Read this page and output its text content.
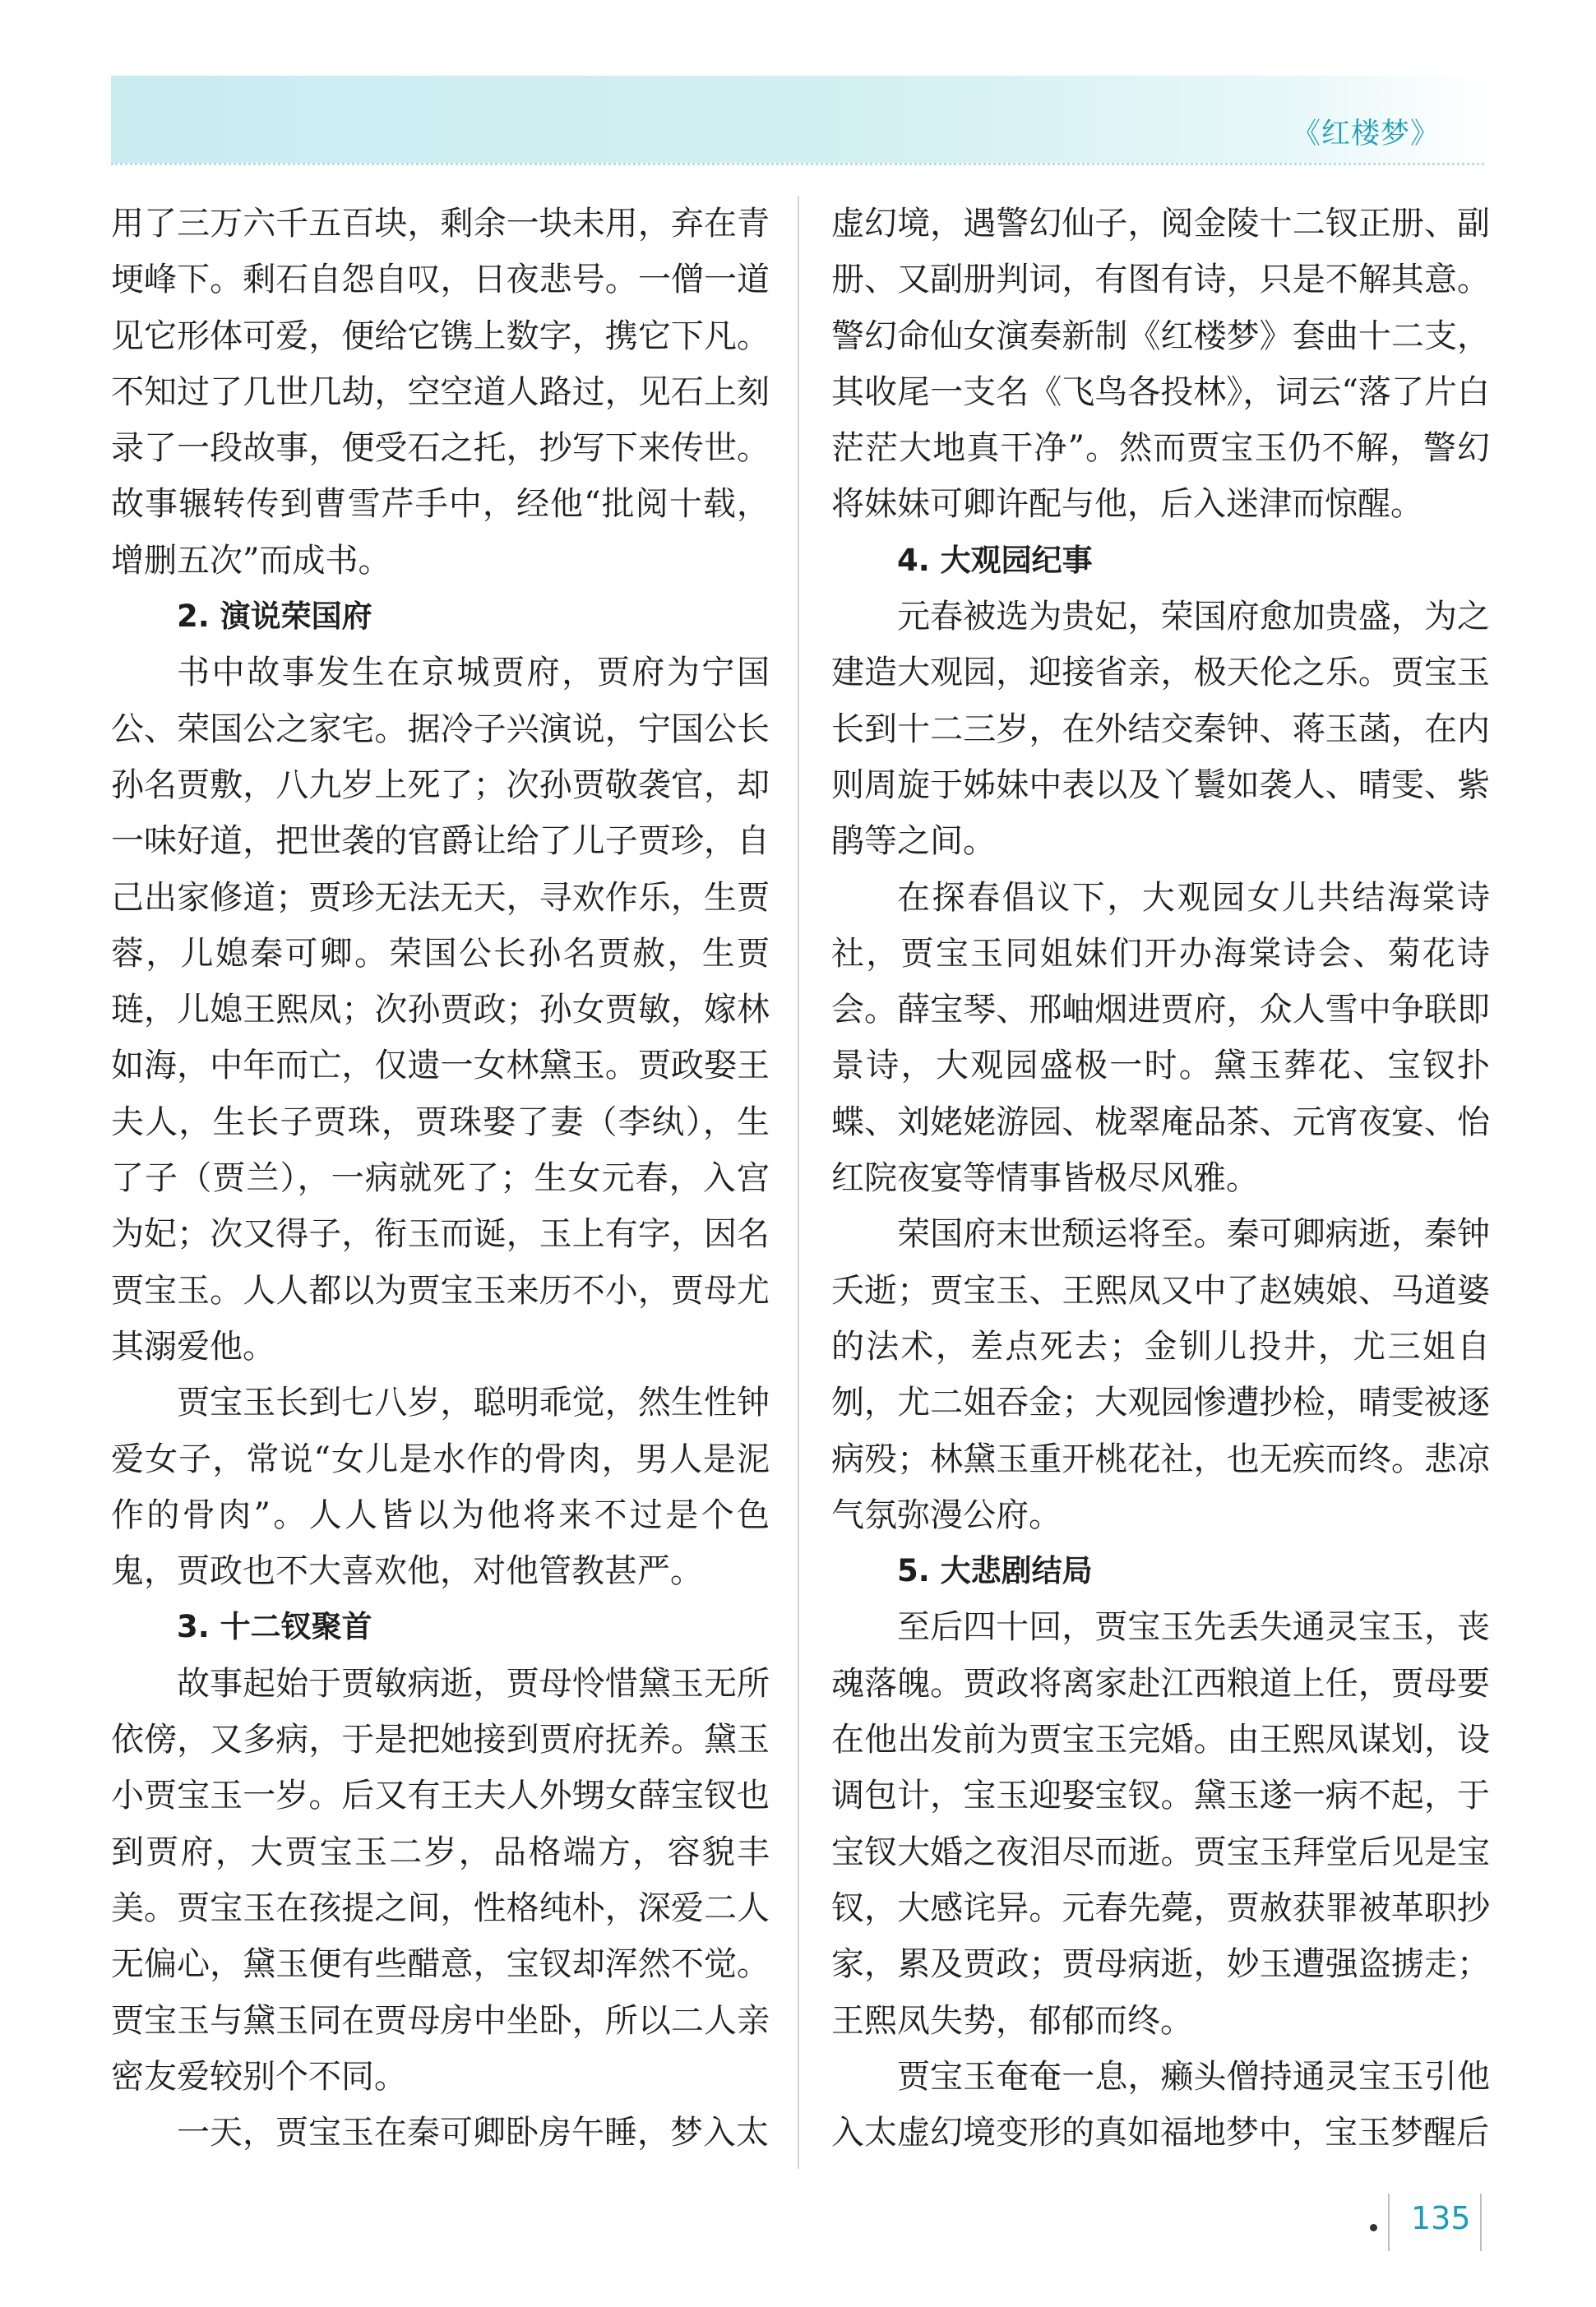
《红楼梦》

用了三万六千五百块，剩余一块未用，弃在青埂峰下。剩石自怨自叹，日夜悲号。一僧一道见它形体可爱，便给它镌上数字，携它下凡。不知过了几世几劫，空空道人路过，见石上刻录了一段故事，便受石之托，抄写下来传世。故事辗转传到曹雪芹手中，经他“批阅十载，增删五次”而成书。

2. 演说荣国府

书中故事发生在京城贾府，贾府为宁国公、荣国公之家宅。据冷子兴演说，宁国公长孙名贾敷，八九岁上死了；次孙贾敬袭官，却一味好道，把世袭的官爵让给了儿子贾珍，自己出家修道；贾珍无法无天，寻欢作乐，生贾蓉，儿媳秦可卿。荣国公长孙名贾赦，生贾琏，儿媳王熙凤；次孙贾政；孙女贾敏，嫁林如海，中年而亡，仅遗一女林黛玉。贾政娶王夫人，生长子贾珠，贾珠娶了妻（李纨），生了子（贾兰），一病就死了；生女元春，入宫为妃；次又得子，衔玉而诞，玉上有字，因名贾宝玉。人人都以为贾宝玉来历不小，贾母尤其溺爱他。

贾宝玉长到七八岁，聪明乖觉，然生性钟爱女子，常说“女儿是水作的骨肉，男人是泥作的骨肉”。人人皆以为他将来不过是个色鬼，贾政也不大喜欢他，对他管教甚严。

3. 十二钗聚首

故事起始于贾敏病逝，贾母怜惜黛玉无所依傍，又多病，于是把她接到贾府抚养。黛玉小贾宝玉一岁。后又有王夫人外甥女薛宝钗也到贾府，大贾宝玉二岁，品格端方，容貌丰美。贾宝玉在孩提之间，性格纯朴，深爱二人无偏心，黛玉便有些醋意，宝钗却浑然不觉。贾宝玉与黛玉同在贾母房中坐卧，所以二人亲密友爱较别个不同。

一天，贾宝玉在秦可卿卧房午睡，梦入太

虚幻境，遇警幻仙子，阅金陵十二钗正册、副册、又副册判词，有图有诗，只是不解其意。警幻命仙女演奏新制《红楼梦》套曲十二支，其收尾一支名《飞鸟各投林》，词云“落了片白茫茫大地真干净”。然而贾宝玉仍不解，警幻将妹妹可卿许配与他，后入迷津而惊醒。

4. 大观园纪事

元春被选为贵妃，荣国府愈加贵盛，为之建造大观园，迎接省亲，极天伦之乐。贾宝玉长到十二三岁，在外结交秦钟、蒋玉菡，在内则周旋于姊妹中表以及丫鬟如袭人、晴雯、紫鹃等之间。

在探春倡议下，大观园女儿共结海棠诗社，贾宝玉同姐妹们开办海棠诗会、菊花诗会。薛宝琴、邢岫烟进贾府，众人雪中争联即景诗，大观园盛极一时。黛玉葬花、宝钗扑蝶、刘姥姥游园、栊翠庵品茶、元宵夜宴、怡红院夜宴等情事皆极尽风雅。

荣国府末世颓运将至。秦可卿病逝，秦钟夭逝；贾宝玉、王熙凤又中了赵姨娘、马道婆的法术，差点死去；金钏儿投井，尤三姐自刎，尤二姐吞金；大观园惨遭抄检，晴雯被逐病殁；林黛玉重开桃花社，也无疾而终。悲凉气氛弥漫公府。

5. 大悲剧结局

至后四十回，贾宝玉先丢失通灵宝玉，丧魂落魄。贾政将离家赴江西粮道上任，贾母要在他出发前为贾宝玉完婚。由王熙凤谋划，设调包计，宝玉迎娶宝钗。黛玉遂一病不起，于宝钗大婚之夜泪尽而逝。贾宝玉拜堂后见是宝钗，大感诧异。元春先薨，贾赦获罪被革职抄家，累及贾政；贾母病逝，妙玉遭强盗掳走；王熙凤失势，郁郁而终。

贾宝玉奄奄一息，癞头僧持通灵宝玉引他入太虚幻境变形的真如福地梦中，宝玉梦醒后

135
